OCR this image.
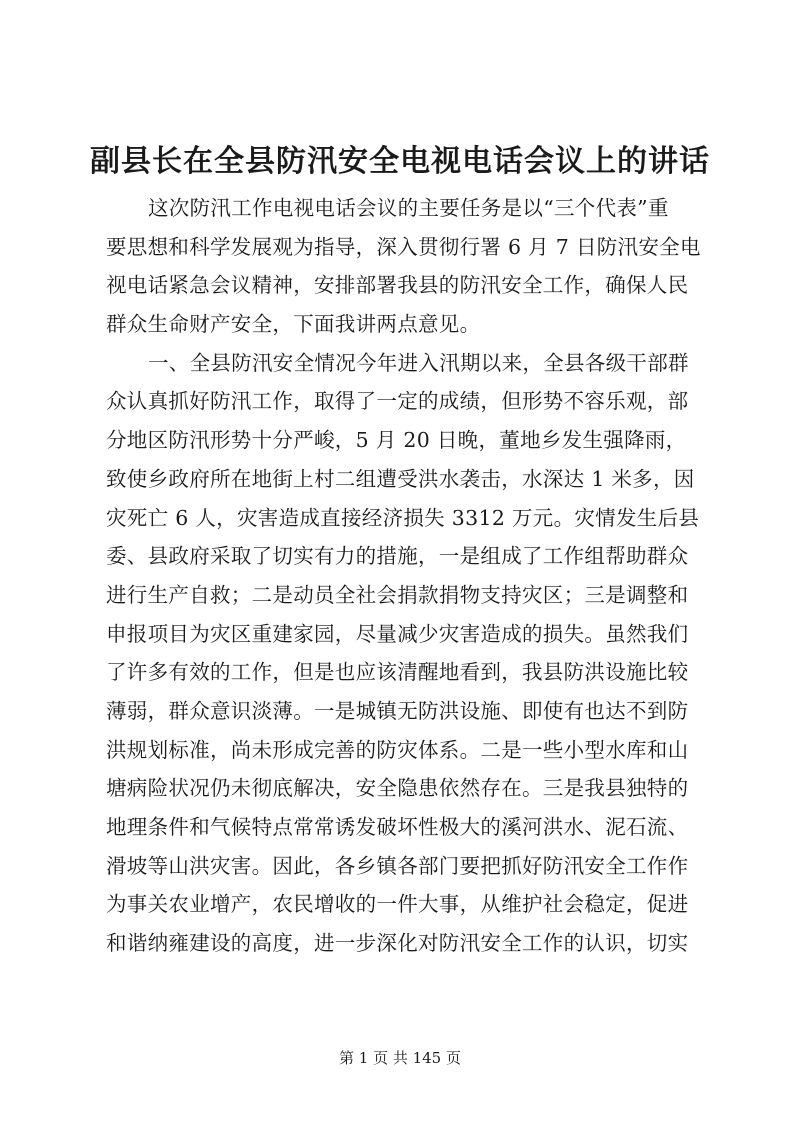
副县长在全县防汛安全电视电话会议上的讲话
这次防汛工作电视电话会议的主要任务是以“三个代表”重
要思想和科学发展观为指导，深入贯彻行署 6 月 7 日防汛安全电
视电话紧急会议精神，安排部署我县的防汛安全工作，确保人民
群众生命财产安全，下面我讲两点意见。
一、全县防汛安全情况今年进入汛期以来，全县各级干部群
众认真抓好防汛工作，取得了一定的成绩，但形势不容乐观，部
分地区防汛形势十分严峻，5 月 20 日晚，董地乡发生强降雨，
致使乡政府所在地街上村二组遭受洪水袭击，水深达 1 米多，因
灾死亡 6 人，灾害造成直接经济损失 3312 万元。灾情发生后县
委、县政府采取了切实有力的措施，一是组成了工作组帮助群众
进行生产自救；二是动员全社会捐款捐物支持灾区；三是调整和
申报项目为灾区重建家园，尽量减少灾害造成的损失。虽然我们
了许多有效的工作，但是也应该清醒地看到，我县防洪设施比较
薄弱，群众意识淡薄。一是城镇无防洪设施、即使有也达不到防
洪规划标准，尚未形成完善的防灾体系。二是一些小型水库和山
塘病险状况仍未彻底解决，安全隐患依然存在。三是我县独特的
地理条件和气候特点常常诱发破坏性极大的溪河洪水、泥石流、
滑坡等山洪灾害。因此，各乡镇各部门要把抓好防汛安全工作作
为事关农业增产，农民增收的一件大事，从维护社会稳定，促进
和谐纳雍建设的高度，进一步深化对防汛安全工作的认识，切实
第 1 页 共 145 页
